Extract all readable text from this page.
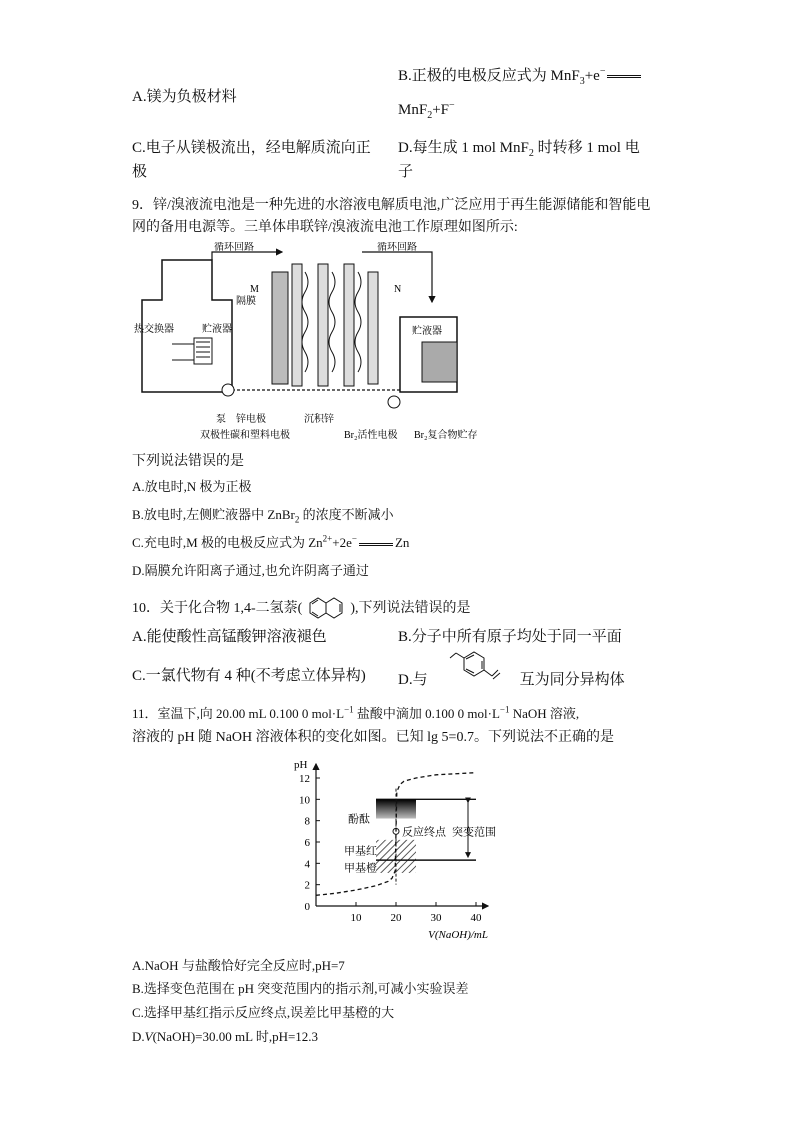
A.镁为负极材料
B.正极的电极反应式为 MnF$_3$+e−
MnF$_2$+F−
C.电子从镁极流出，经电解质流向正
极
D.每生成 1 mol MnF$_2$ 时转移 1 mol 电
子
9．锌/溴液流电池是一种先进的水溶液电解质电池,广泛应用于再生能源储能和智能电
网的备用电源等。三单体串联锌/溴液流电池工作原理如图所示:
贮液器
热交换器
循环回路	循环回路
M
隔膜
N
贮液器
泵 锌电极	沉积锌
双极性碳和塑料电极	Br₂活性电极 Br₂复合物贮存
下列说法错误的是
A.放电时,N 极为正极
B.放电时,左侧贮液器中 ZnBr$_2$ 的浓度不断减小
C.充电时,M 极的电极反应式为 $Zn^{2+}+2e^-$	Zn
D.隔膜允许阳离子通过,也允许阴离子通过
10．关于化合物 1,4-二氢萘(	),下列说法错误的是
A.能使酸性高锰酸钾溶液褪色	B.分子中所有原子均处于同一平面
C.一氯代物有 4 种(不考虑立体异构) D.与	互为同分异构体
11．室温下,向 20.00 mL 0.100 0 $mol\cdot L^{-1}$ 盐酸中滴加 0.100 0 $mol\cdot L^{-1}$ NaOH 溶液,
溶液的 pH 随 NaOH 溶液体积的变化如图。已知 lg 5=0.7。下列说法不正确的是
0
2
4
6
8
10
12
10	20	30	40
pH
V(NaOH)/mL
酚酞
反应终点 突变范围
甲基红
甲基橙
A.NaOH 与盐酸恰好完全反应时,pH=7
B.选择变色范围在 pH 突变范围内的指示剂,可减小实验误差
C.选择甲基红指示反应终点,误差比甲基橙的大
D.V(NaOH)=30.00 mL 时,pH=12.3
